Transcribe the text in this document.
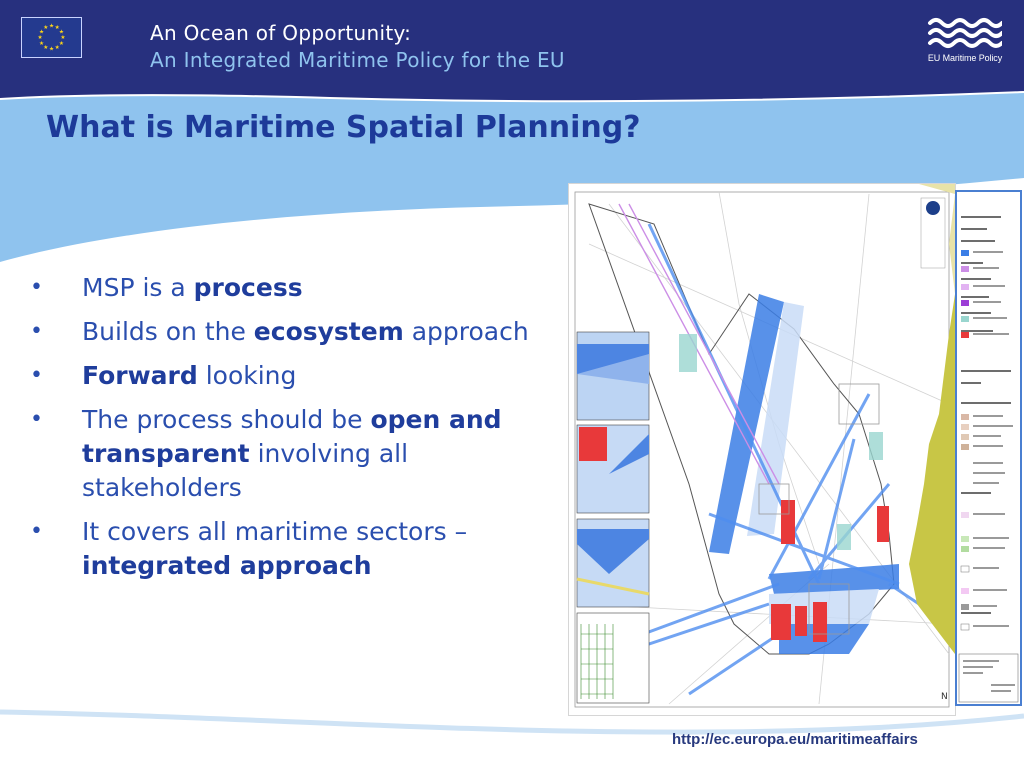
★ ★
★
★
★
★
★
★
★
★
★
★	An Ocean of Opportunity:
An Integrated Maritime Policy for the EU	EU Maritime Policy
What is Maritime Spatial Planning?
• MSP is a process
• Builds on the ecosystem approach
• Forward looking
• The process should be open and transparent involving all stakeholders
• It covers all maritime sectors – integrated approach
N
http://ec.europa.eu/maritimeaffairs
